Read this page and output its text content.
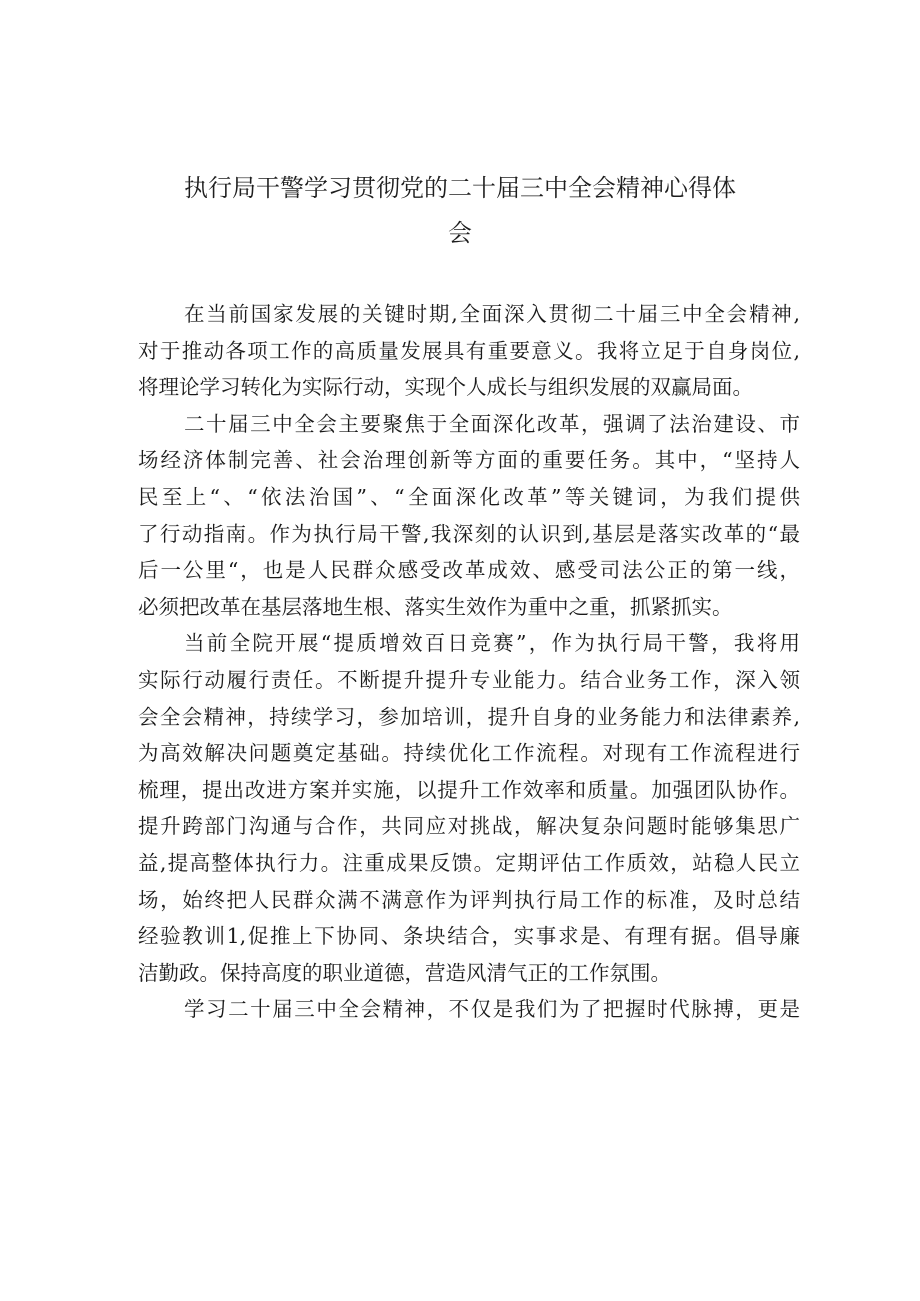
执行局干警学习贯彻党的二十届三中全会精神心得体
会
在当前国家发展的关键时期,全面深入贯彻二十届三中全会精神,
对于推动各项工作的高质量发展具有重要意义。我将立足于自身岗位,
将理论学习转化为实际行动，实现个人成长与组织发展的双赢局面。
二十届三中全会主要聚焦于全面深化改革，强调了法治建设、市
场经济体制完善、社会治理创新等方面的重要任务。其中，“坚持人
民至上“、“依法治国”、“全面深化改革”等关键词，为我们提供
了行动指南。作为执行局干警,我深刻的认识到,基层是落实改革的“最
后一公里“，也是人民群众感受改革成效、感受司法公正的第一线，
必须把改革在基层落地生根、落实生效作为重中之重，抓紧抓实。
当前全院开展“提质增效百日竞赛”，作为执行局干警，我将用
实际行动履行责任。不断提升提升专业能力。结合业务工作，深入领
会全会精神，持续学习，参加培训，提升自身的业务能力和法律素养,
为高效解决问题奠定基础。持续优化工作流程。对现有工作流程进行
梳理，提出改进方案并实施，以提升工作效率和质量。加强团队协作。
提升跨部门沟通与合作，共同应对挑战，解决复杂问题时能够集思广
益,提高整体执行力。注重成果反馈。定期评估工作质效，站稳人民立
场，始终把人民群众满不满意作为评判执行局工作的标准，及时总结
经验教训1,促推上下协同、条块结合，实事求是、有理有据。倡导廉
洁勤政。保持高度的职业道德，营造风清气正的工作氛围。
学习二十届三中全会精神，不仅是我们为了把握时代脉搏，更是
